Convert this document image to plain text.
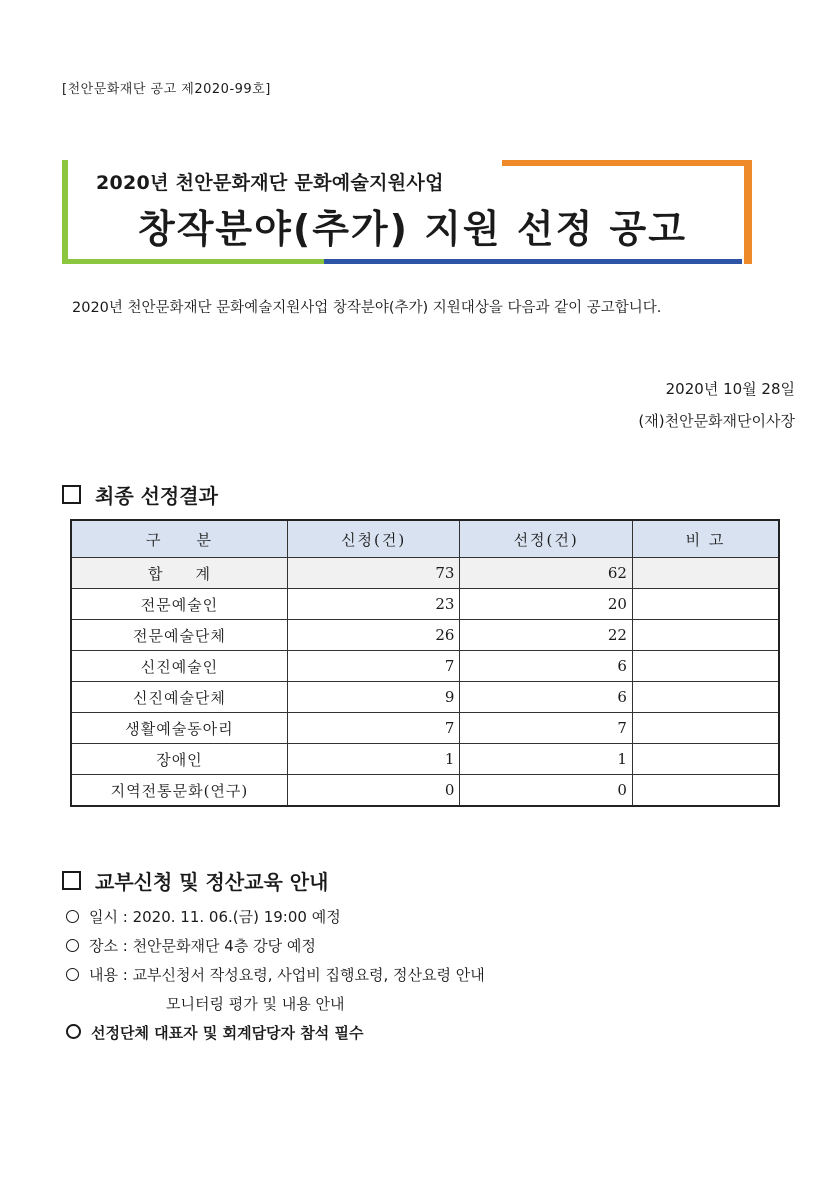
[천안문화재단 공고 제2020-99호]
2020년 천안문화재단 문화예술지원사업
창작분야(추가) 지원 선정 공고
2020년 천안문화재단 문화예술지원사업 창작분야(추가) 지원대상을 다음과 같이 공고합니다.
2020년 10월 28일
(재)천안문화재단이사장
최종 선정결과
구　　분	신청(건)	선정(건)	비 고
합　　계	73	62	
전문예술인	23	20	
전문예술단체	26	22	
신진예술인	7	6	
신진예술단체	9	6	
생활예술동아리	7	7	
장애인	1	1	
지역전통문화(연구)	0	0	
교부신청 및 정산교육 안내
일시 : 2020. 11. 06.(금) 19:00 예정
장소 : 천안문화재단 4층 강당 예정
내용 : 교부신청서 작성요령, 사업비 집행요령, 정산요령 안내
모니터링 평가 및 내용 안내
선정단체 대표자 및 회계담당자 참석 필수
